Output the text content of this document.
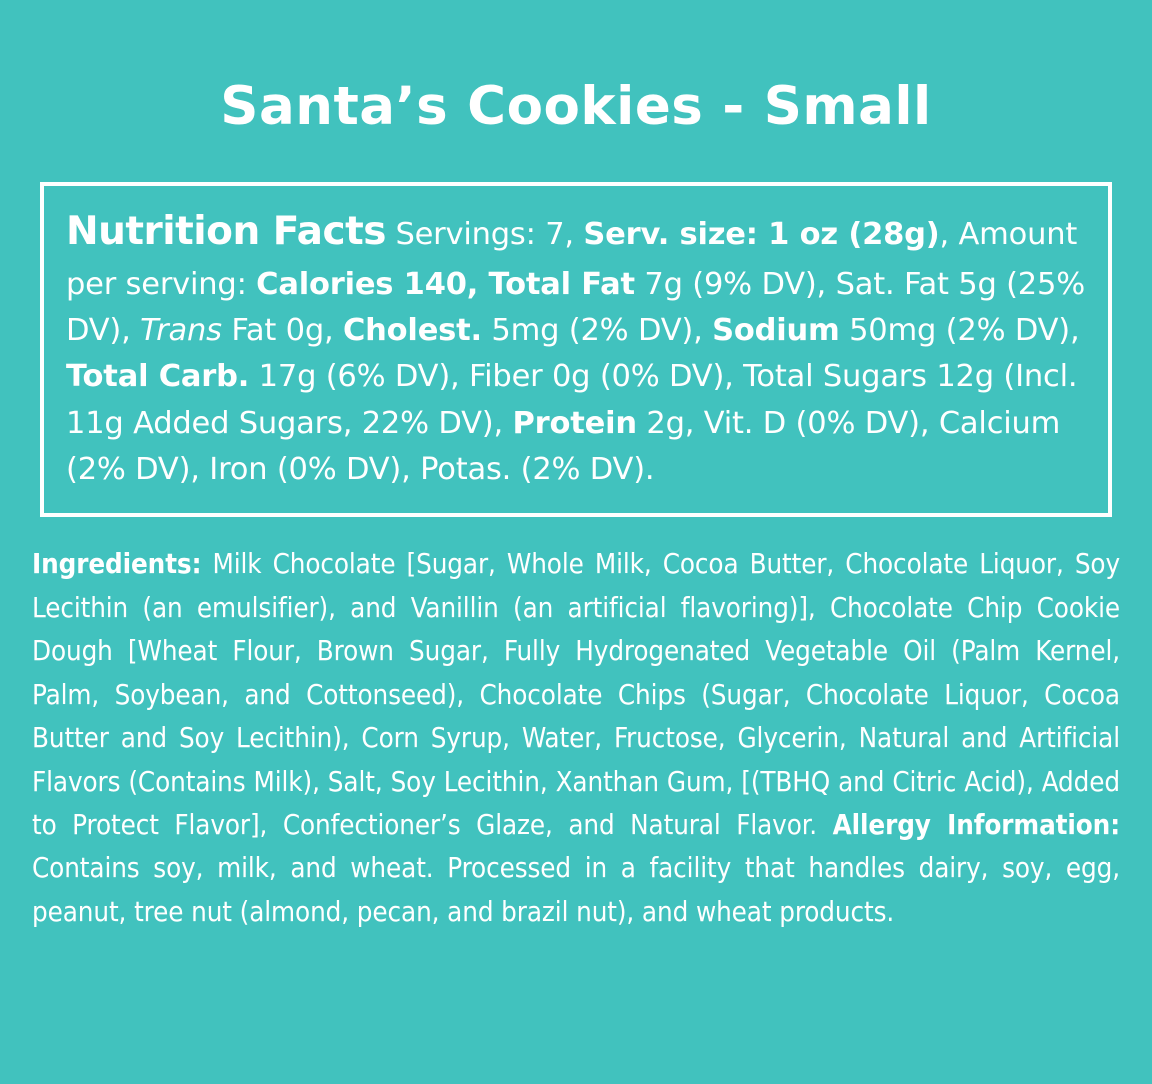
Santa’s Cookies - Small
Nutrition Facts Servings: 7, Serv. size: 1 oz (28g), Amount per serving: Calories 140, Total Fat 7g (9% DV), Sat. Fat 5g (25% DV), Trans Fat 0g, Cholest. 5mg (2% DV), Sodium 50mg (2% DV), Total Carb. 17g (6% DV), Fiber 0g (0% DV), Total Sugars 12g (Incl. 11g Added Sugars, 22% DV), Protein 2g, Vit. D (0% DV), Calcium (2% DV), Iron (0% DV), Potas. (2% DV).
Ingredients: Milk Chocolate [Sugar, Whole Milk, Cocoa Butter, Chocolate Liquor, Soy Lecithin (an emulsifier), and Vanillin (an artificial flavoring)], Chocolate Chip Cookie Dough [Wheat Flour, Brown Sugar, Fully Hydrogenated Vegetable Oil (Palm Kernel, Palm, Soybean, and Cottonseed), Chocolate Chips (Sugar, Chocolate Liquor, Cocoa Butter and Soy Lecithin), Corn Syrup, Water, Fructose, Glycerin, Natural and Artificial Flavors (Contains Milk), Salt, Soy Lecithin, Xanthan Gum, [(TBHQ and Citric Acid), Added to Protect Flavor], Confectioner’s Glaze, and Natural Flavor. Allergy Information: Contains soy, milk, and wheat. Processed in a facility that handles dairy, soy, egg, peanut, tree nut (almond, pecan, and brazil nut), and wheat products.
